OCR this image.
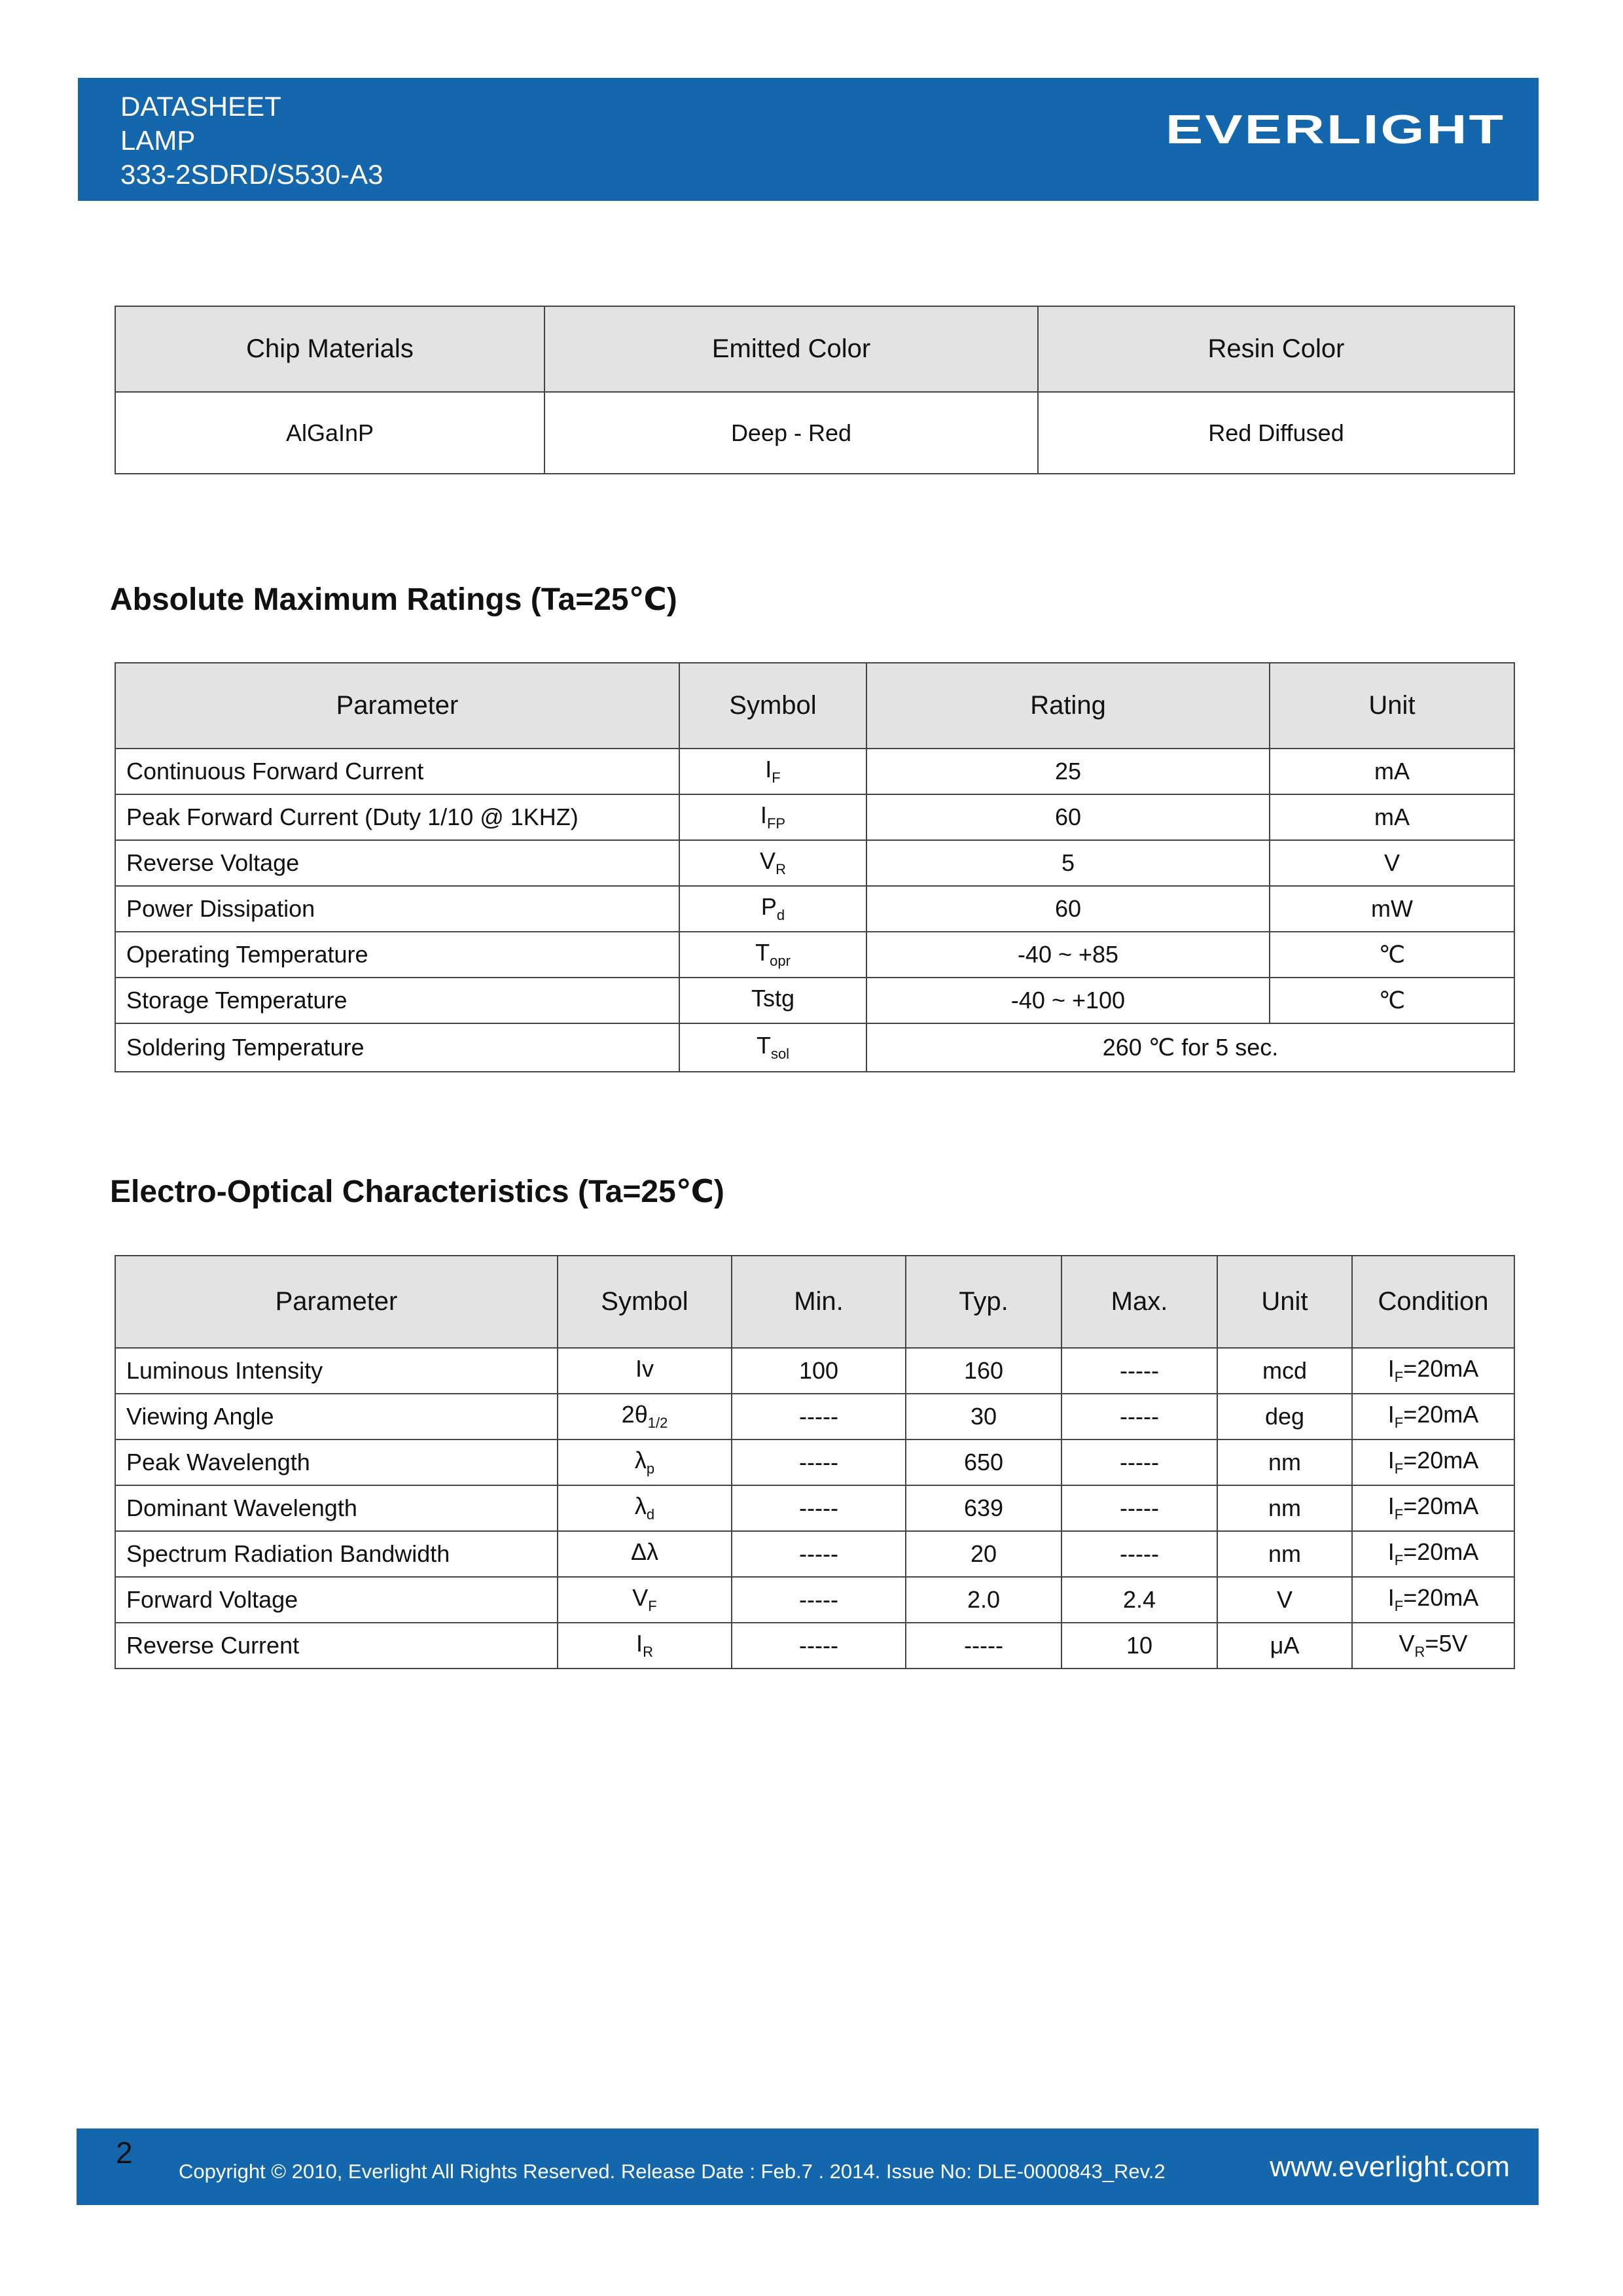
DATASHEET
LAMP
333-2SDRD/S530-A3
EVERLIGHT
Chip Materials	Emitted Color	Resin Color
AlGaInP	Deep - Red	Red Diffused
Absolute Maximum Ratings (Ta=25℃)
Parameter	Symbol	Rating	Unit
Continuous Forward Current	$I_F$	25	mA
Peak Forward Current (Duty 1/10 @ 1KHZ)	$I_{FP}$	60	mA
Reverse Voltage	$V_R$	5	V
Power Dissipation	$P_d$	60	mW
Operating Temperature	$T_{opr}$	-40 ~ +85	℃
Storage Temperature	Tstg	-40 ~ +100	℃
Soldering Temperature	$T_{sol}$	260 ℃ for 5 sec.	
Electro-Optical Characteristics (Ta=25℃)
Parameter	Symbol	Min.	Typ.	Max.	Unit	Condition
Luminous Intensity	Iv	100	160	-----	mcd	$I_F=20mA$
Viewing Angle	$2\theta_{1/2}$	-----	30	-----	deg	$I_F=20mA$
Peak Wavelength	$\lambda_p$	-----	650	-----	nm	$I_F=20mA$
Dominant Wavelength	$\lambda_d$	-----	639	-----	nm	$I_F=20mA$
Spectrum Radiation Bandwidth	Δλ	-----	20	-----	nm	$I_F=20mA$
Forward Voltage	$V_F$	-----	2.0	2.4	V	$I_F=20mA$
Reverse Current	$I_R$	-----	-----	10	μA	$V_R=5V$
2
Copyright © 2010, Everlight All Rights Reserved. Release Date : Feb.7 . 2014. Issue No: DLE-0000843_Rev.2	www.everlight.com
